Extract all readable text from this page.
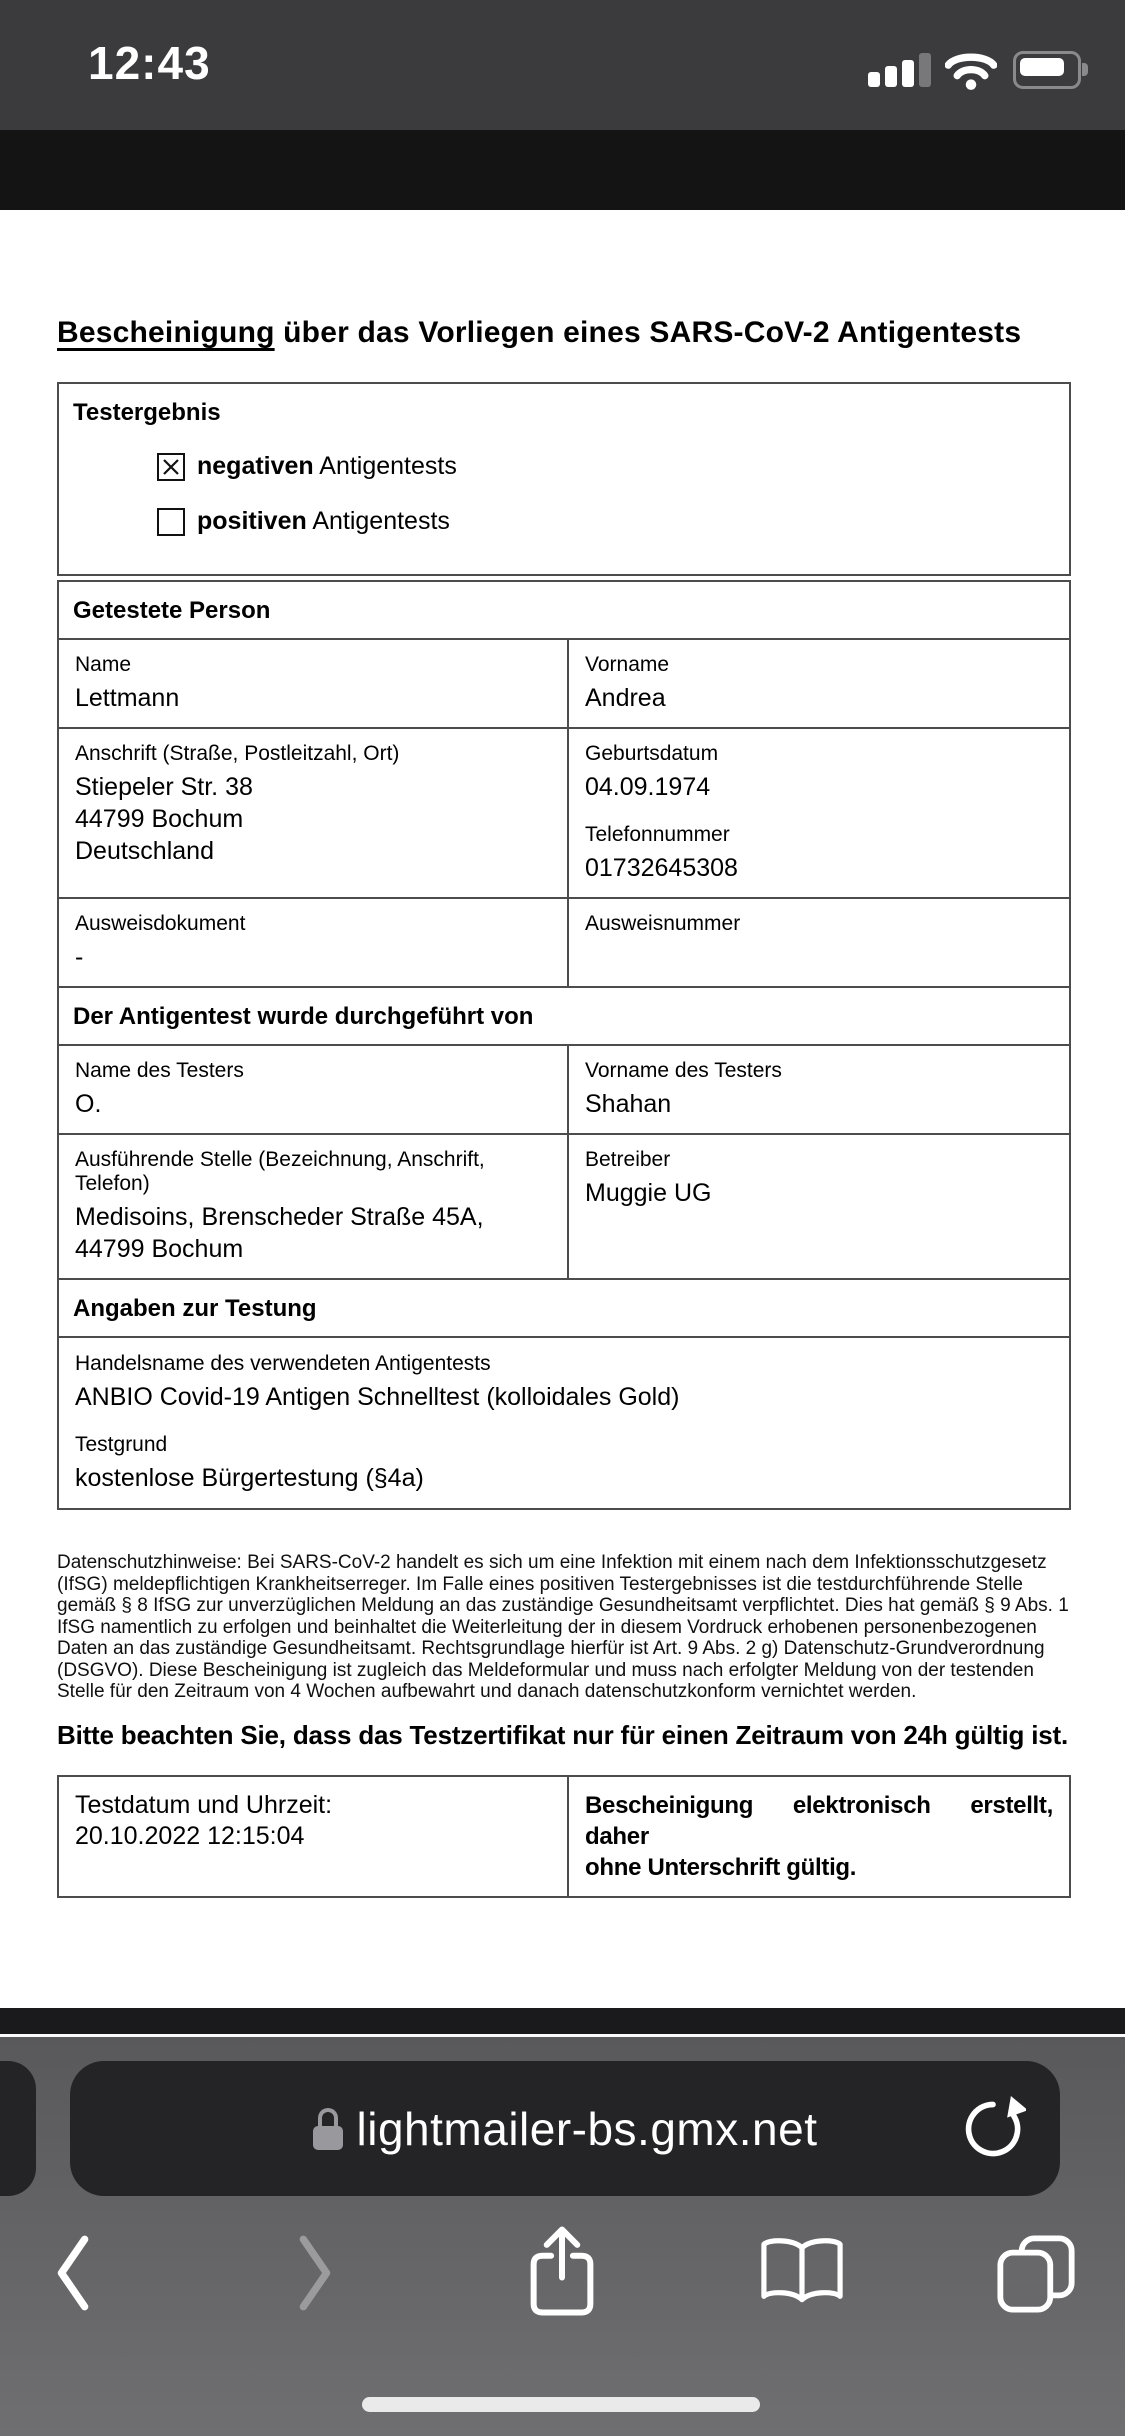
12:43
Bescheinigung über das Vorliegen eines SARS-CoV-2 Antigentests
Testergebnis
negativen Antigentests
positiven Antigentests
Getestete Person
Name
Lettmann
Vorname
Andrea
Anschrift (Straße, Postleitzahl, Ort)
Stiepeler Str. 38
44799 Bochum
Deutschland
Geburtsdatum
04.09.1974
Telefonnummer
01732645308
Ausweisdokument
-
Ausweisnummer
Der Antigentest wurde durchgeführt von
Name des Testers
O.
Vorname des Testers
Shahan
Ausführende Stelle (Bezeichnung, Anschrift, Telefon)
Medisoins, Brenscheder Straße 45A, 44799 Bochum
Betreiber
Muggie UG
Angaben zur Testung
Handelsname des verwendeten Antigentests
ANBIO Covid-19 Antigen Schnelltest (kolloidales Gold)
Testgrund
kostenlose Bürgertestung (§4a)

Datenschutzhinweise: Bei SARS-CoV-2 handelt es sich um eine Infektion mit einem nach dem Infektionsschutzgesetz (IfSG) meldepflichtigen Krankheitserreger. Im Falle eines positiven Testergebnisses ist die testdurchführende Stelle gemäß § 8 IfSG zur unverzüglichen Meldung an das zuständige Gesundheitsamt verpflichtet. Dies hat gemäß § 9 Abs. 1 IfSG namentlich zu erfolgen und beinhaltet die Weiterleitung der in diesem Vordruck erhobenen personenbezogenen Daten an das zuständige Gesundheitsamt. Rechtsgrundlage hierfür ist Art. 9 Abs. 2 g) Datenschutz-Grundverordnung (DSGVO). Diese Bescheinigung ist zugleich das Meldeformular und muss nach erfolgter Meldung von der testenden Stelle für den Zeitraum von 4 Wochen aufbewahrt und danach datenschutzkonform vernichtet werden.

Bitte beachten Sie, dass das Testzertifikat nur für einen Zeitraum von 24h gültig ist.
Testdatum und Uhrzeit:
20.10.2022 12:15:04
Bescheinigung elektronisch erstellt, daher
ohne Unterschrift gültig.

lightmailer-bs.gmx.net
